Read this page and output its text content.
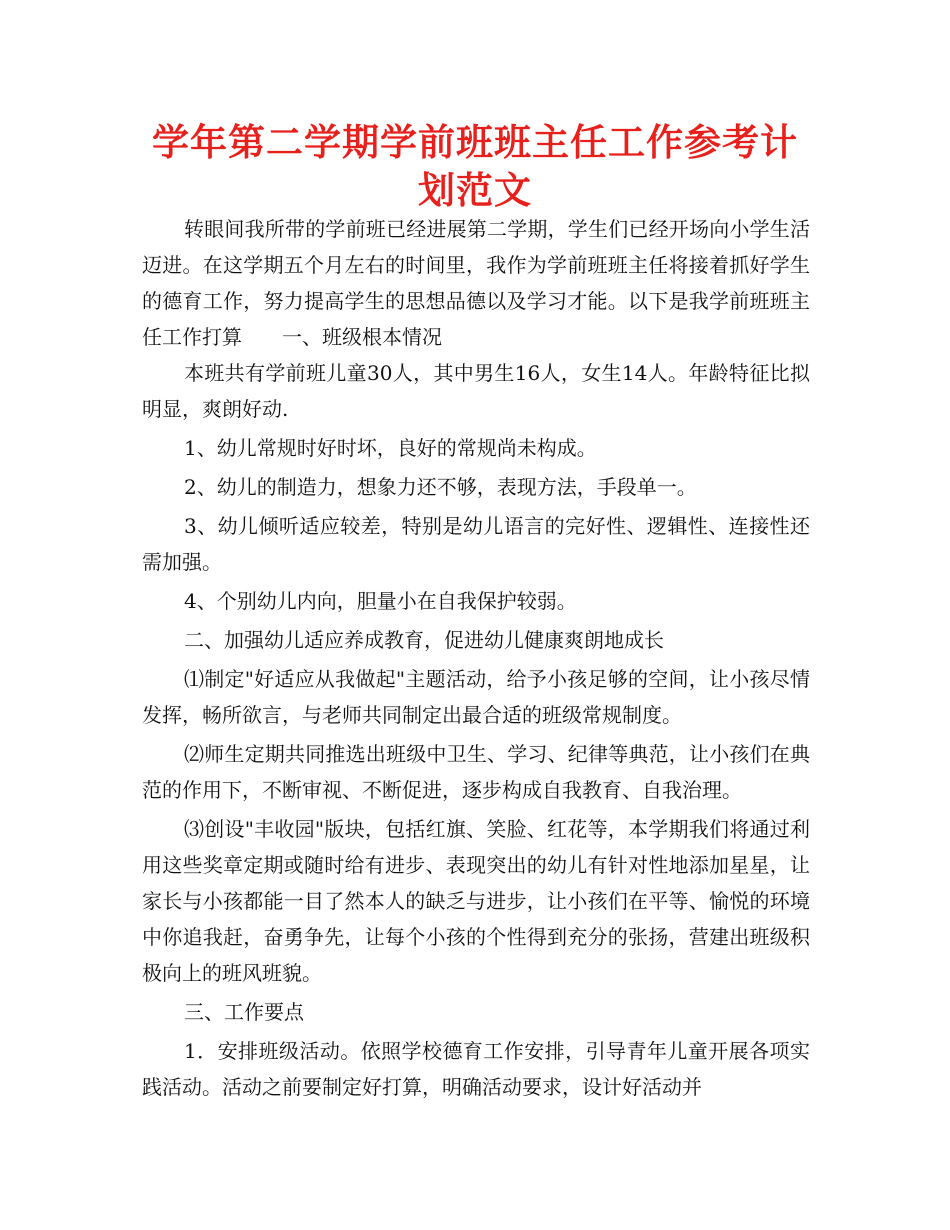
学年第二学期学前班班主任工作参考计划范文

转眼间我所带的学前班已经进展第二学期，学生们已经开场向小学生活迈进。在这学期五个月左右的时间里，我作为学前班班主任将接着抓好学生的德育工作，努力提高学生的思想品德以及学习才能。以下是我学前班班主任工作打算　　一、班级根本情况

本班共有学前班儿童30人，其中男生16人，女生14人。年龄特征比拟明显，爽朗好动.

1、幼儿常规时好时坏，良好的常规尚未构成。

2、幼儿的制造力，想象力还不够，表现方法，手段单一。

3、幼儿倾听适应较差，特别是幼儿语言的完好性、逻辑性、连接性还需加强。

4、个别幼儿内向，胆量小在自我保护较弱。

二、加强幼儿适应养成教育，促进幼儿健康爽朗地成长

⑴制定"好适应从我做起"主题活动，给予小孩足够的空间，让小孩尽情发挥，畅所欲言，与老师共同制定出最合适的班级常规制度。

⑵师生定期共同推选出班级中卫生、学习、纪律等典范，让小孩们在典范的作用下，不断审视、不断促进，逐步构成自我教育、自我治理。

⑶创设"丰收园"版块，包括红旗、笑脸、红花等，本学期我们将通过利用这些奖章定期或随时给有进步、表现突出的幼儿有针对性地添加星星，让家长与小孩都能一目了然本人的缺乏与进步，让小孩们在平等、愉悦的环境中你追我赶，奋勇争先，让每个小孩的个性得到充分的张扬，营建出班级积极向上的班风班貌。

三、工作要点

1．安排班级活动。依照学校德育工作安排，引导青年儿童开展各项实践活动。活动之前要制定好打算，明确活动要求，设计好活动并
